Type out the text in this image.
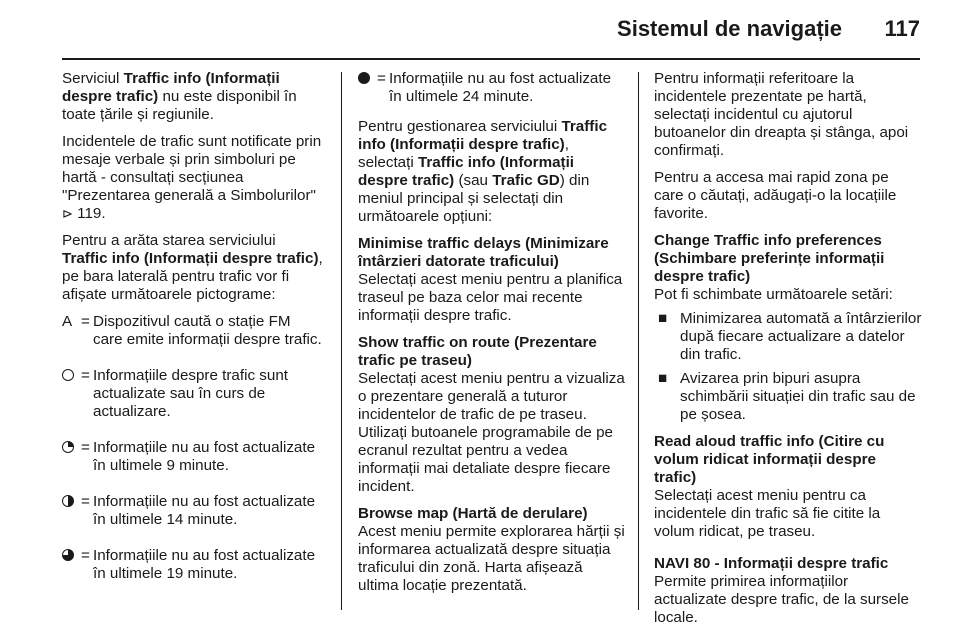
Sistemul de navigație 117

Serviciul Traffic info (Informații despre trafic) nu este disponibil în toate țările și regiunile.

Incidentele de trafic sunt notificate prin mesaje verbale și prin simboluri pe hartă - consultați secțiunea "Prezentarea generală a Simbolurilor" ⊳ 119.

Pentru a arăta starea serviciului Traffic info (Informații despre trafic), pe bara laterală pentru trafic vor fi afișate următoarele pictograme:

A = Dispozitivul caută o stație FM care emite informații despre trafic.
= Informațiile despre trafic sunt actualizate sau în curs de actualizare.
= Informațiile nu au fost actualizate în ultimele 9 minute.
= Informațiile nu au fost actualizate în ultimele 14 minute.
= Informațiile nu au fost actualizate în ultimele 19 minute.
= Informațiile nu au fost actualizate în ultimele 24 minute.

Pentru gestionarea serviciului Traffic info (Informații despre trafic), selectați Traffic info (Informații despre trafic) (sau Trafic GD) din meniul principal și selectați din următoarele opțiuni:

Minimise traffic delays (Minimizare întârzieri datorate traficului)
Selectați acest meniu pentru a planifica traseul pe baza celor mai recente informații despre trafic.

Show traffic on route (Prezentare trafic pe traseu)
Selectați acest meniu pentru a vizualiza o prezentare generală a tuturor incidentelor de trafic de pe traseu. Utilizați butoanele programabile de pe ecranul rezultat pentru a vedea informații mai detaliate despre fiecare incident.

Browse map (Hartă de derulare)
Acest meniu permite explorarea hărții și informarea actualizată despre situația traficului din zonă. Harta afișează ultima locație prezentată.

Pentru informații referitoare la incidentele prezentate pe hartă, selectați incidentul cu ajutorul butoanelor din dreapta și stânga, apoi confirmați.

Pentru a accesa mai rapid zona pe care o căutați, adăugați-o la locațiile favorite.

Change Traffic info preferences (Schimbare preferințe informații despre trafic)
Pot fi schimbate următoarele setări:

■ Minimizarea automată a întârzierilor după fiecare actualizare a datelor din trafic.
■ Avizarea prin bipuri asupra schimbării situației din trafic sau de pe șosea.

Read aloud traffic info (Citire cu volum ridicat informații despre trafic)
Selectați acest meniu pentru ca incidentele din trafic să fie citite la volum ridicat, pe traseu.

NAVI 80 - Informații despre trafic
Permite primirea informațiilor actualizate despre trafic, de la sursele locale.
